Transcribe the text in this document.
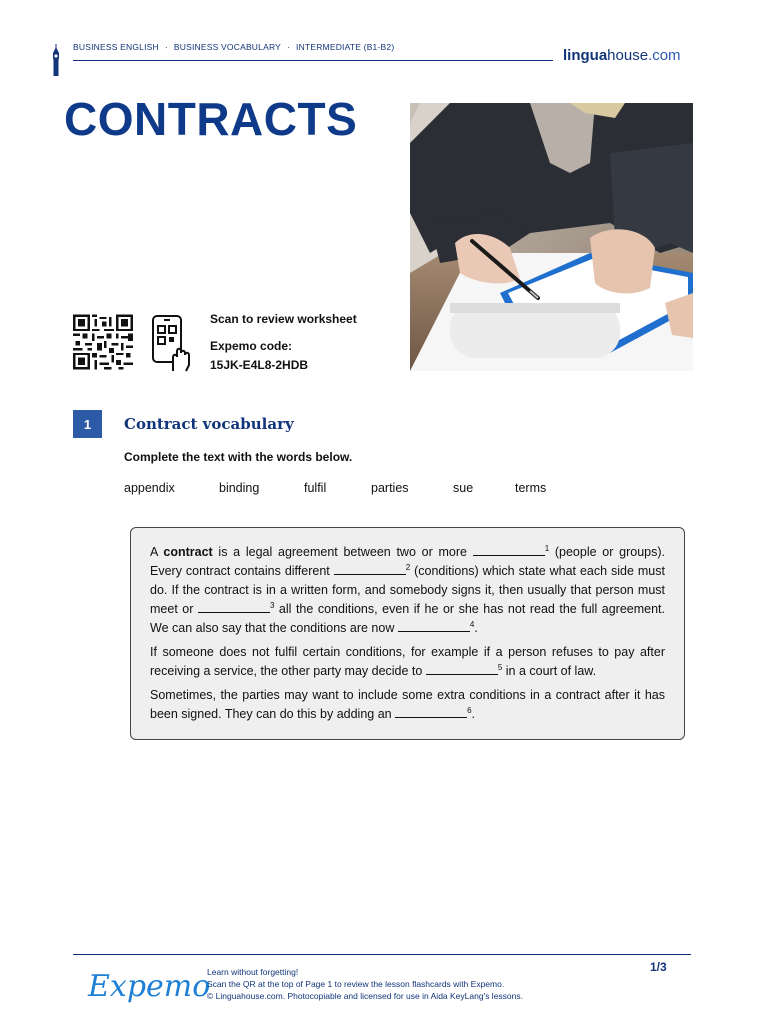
BUSINESS ENGLISH · BUSINESS VOCABULARY · INTERMEDIATE (B1-B2)	linguahouse.com
CONTRACTS
Scan to review worksheet
Expemo code:
15JK-E4L8-2HDB
1	Contract vocabulary
Complete the text with the words below.
appendix	binding	fulfil	parties	sue	terms

A contract is a legal agreement between two or more	$^1$ (people or groups). Every contract contains different	$^2$ (conditions) which state what each side must do. If the contract is in a written form, and somebody signs it, then usually that person must meet or	$^3$ all the conditions, even if he or she has not read the full agreement. We can also say that the conditions are now	$^4$.

If someone does not fulfil certain conditions, for example if a person refuses to pay after receiving a service, the other party may decide to	$^5$ in a court of law.

Sometimes, the parties may want to include some extra conditions in a contract after it has been signed. They can do this by adding an	$^6$.

Expemo
Learn without forgetting!
Scan the QR at the top of Page 1 to review the lesson flashcards with Expemo.
© Linguahouse.com. Photocopiable and licensed for use in Aida KeyLang's lessons.
1/3
